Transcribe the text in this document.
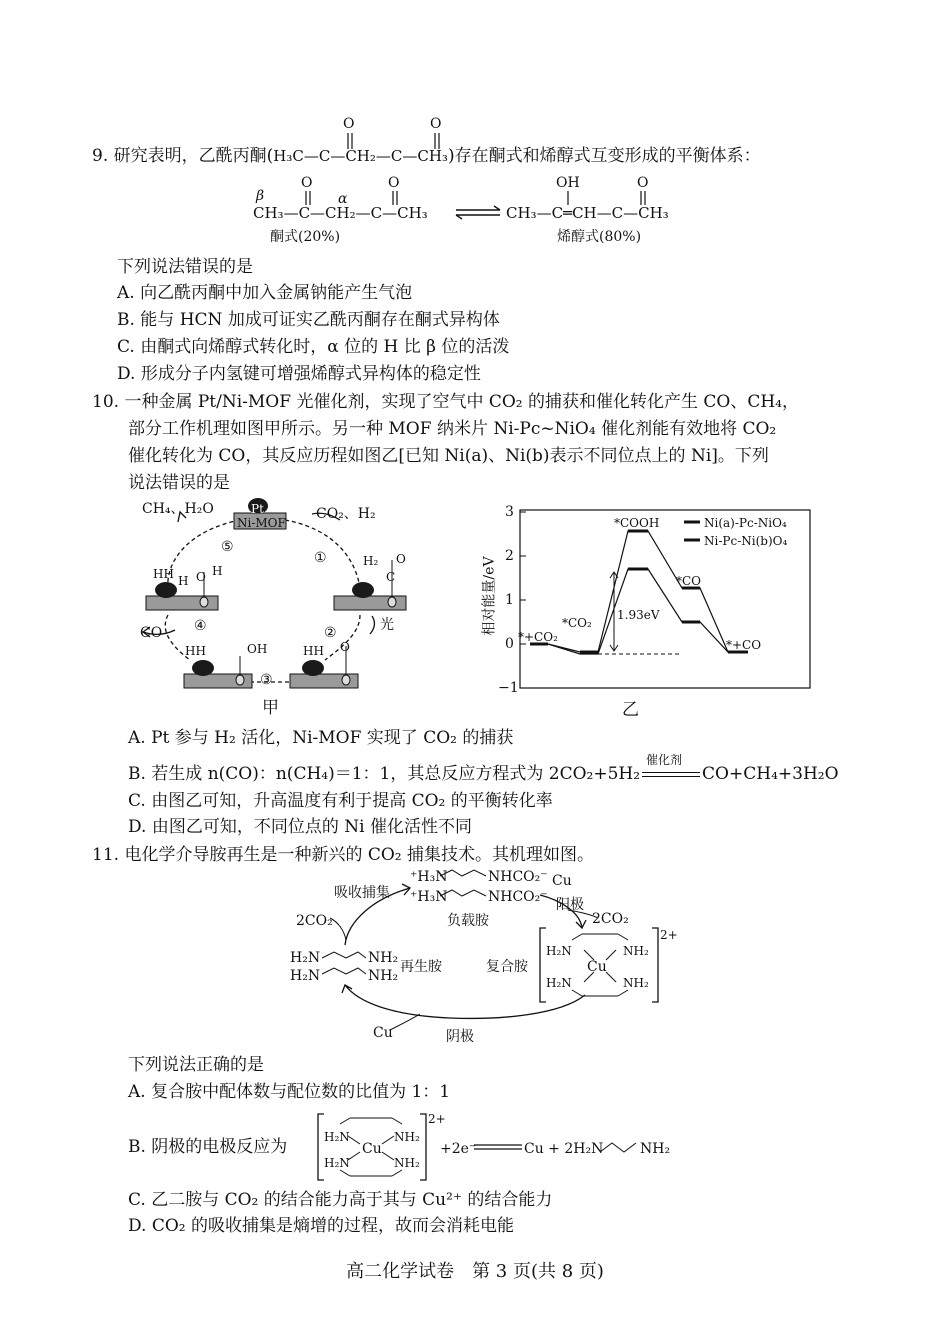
9. 研究表明，乙酰丙酮(H₃C—C—CH₂—C—CH₃)存在酮式和烯醇式互变形成的平衡体系：
O	O
β	α
O	O	OH	O
CH₃—C—CH₂—C—CH₃	CH₃—C═CH—C—CH₃
酮式(20%)	烯醇式(80%)
下列说法错误的是
A. 向乙酰丙酮中加入金属钠能产生气泡
B. 能与 HCN 加成可证实乙酰丙酮存在酮式异构体
C. 由酮式向烯醇式转化时，α 位的 H 比 β 位的活泼
D. 形成分子内氢键可增强烯醇式异构体的稳定性
10. 一种金属 Pt/Ni-MOF 光催化剂，实现了空气中 CO₂ 的捕获和催化转化产生 CO、CH₄，
部分工作机理如图甲所示。另一种 MOF 纳米片 Ni-Pc~NiO₄ 催化剂能有效地将 CO₂
催化转化为 CO，其反应历程如图乙[已知 Ni(a)、Ni(b)表示不同位点上的 Ni]。下列
说法错误的是
CH₄、H₂O	Pt
Ni-MOF
CO₂、H₂
⑤
①
②
③
④
CO	光
HH H O H
H₂
C
O
HH	OH	HH O
甲
3
2
1
0
−1
相对能量/eV
Ni(a)-Pc-NiO₄
Ni-Pc-Ni(b)O₄
*+CO₂
*CO₂
*COOH
*CO
*+CO
1.93eV
乙
A. Pt 参与 H₂ 活化，Ni-MOF 实现了 CO₂ 的捕获
B. 若生成 n(CO)：n(CH₄)＝1：1，其总反应方程式为 2CO₂+5H₂
催化剂
CO+CH₄+3H₂O
C. 由图乙可知，升高温度有利于提高 CO₂ 的平衡转化率
D. 由图乙可知，不同位点的 Ni 催化活性不同
11. 电化学介导胺再生是一种新兴的 CO₂ 捕集技术。其机理如图。
吸收捕集
2CO₂
⁺H₃N
⁺H₃N
NHCO₂⁻
NHCO₂⁻
负载胺
Cu
阳极
2CO₂
H₂N
H₂N
NH₂
NH₂
再生胺	复合胺
H₂N
H₂N
NH₂
NH₂
Cu
2+
Cu	阴极
下列说法正确的是
A. 复合胺中配体数与配位数的比值为 1：1
B. 阴极的电极反应为	H₂N
H₂N
NH₂
NH₂
Cu
2+
+2e⁻	Cu + 2H₂N	NH₂
C. 乙二胺与 CO₂ 的结合能力高于其与 Cu²⁺ 的结合能力
D. CO₂ 的吸收捕集是熵增的过程，故而会消耗电能
高二化学试卷　第 3 页(共 8 页)
